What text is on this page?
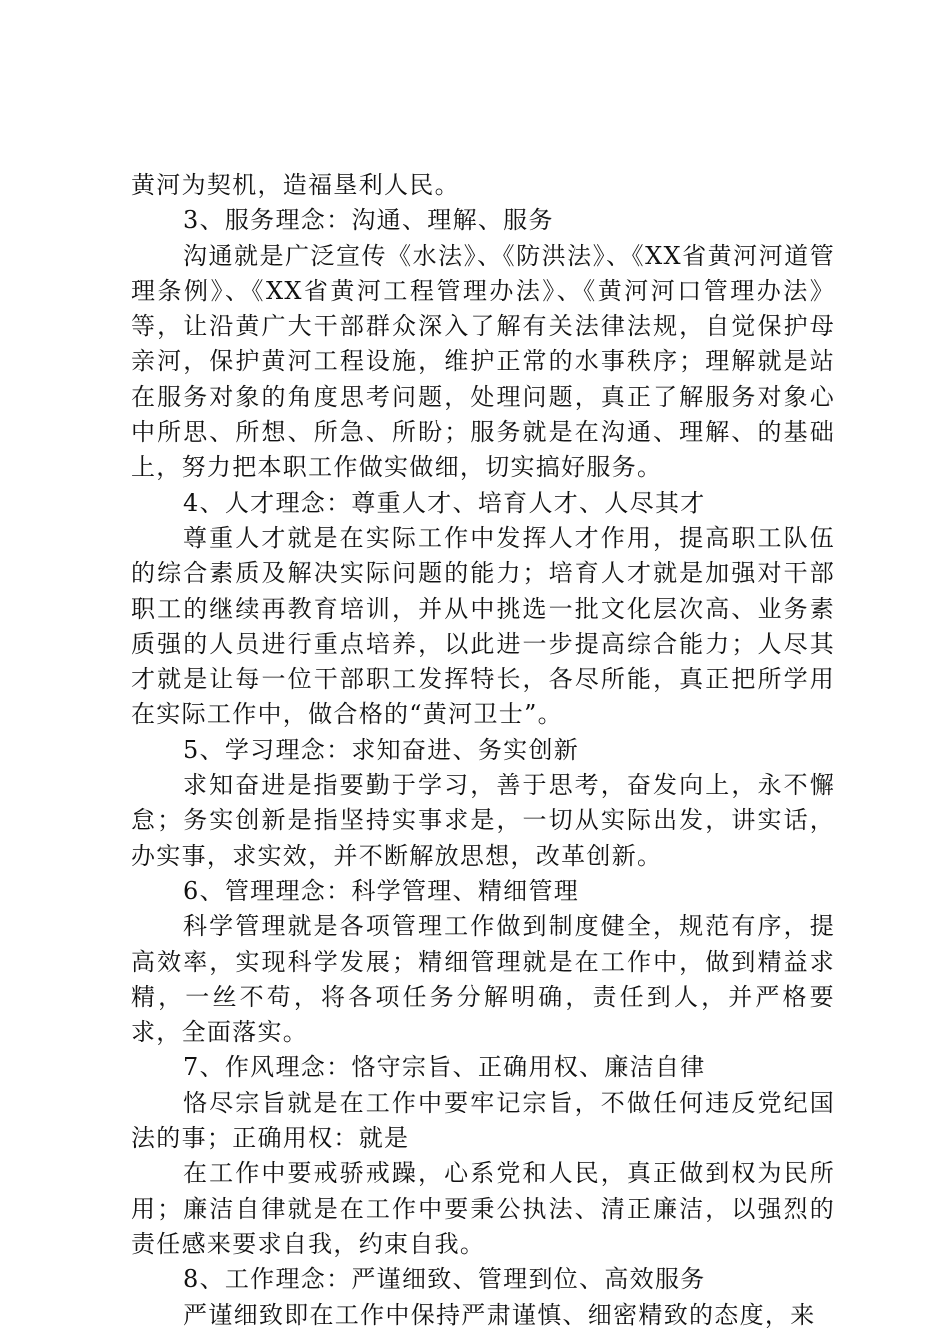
黄河为契机，造福垦利人民。

3、服务理念：沟通、理解、服务

沟通就是广泛宣传《水法》、《防洪法》、《XX省黄河河道管理条例》、《XX省黄河工程管理办法》、《黄河河口管理办法》等，让沿黄广大干部群众深入了解有关法律法规，自觉保护母亲河，保护黄河工程设施，维护正常的水事秩序；理解就是站在服务对象的角度思考问题，处理问题，真正了解服务对象心中所思、所想、所急、所盼；服务就是在沟通、理解、的基础上，努力把本职工作做实做细，切实搞好服务。

4、人才理念：尊重人才、培育人才、人尽其才

尊重人才就是在实际工作中发挥人才作用，提高职工队伍的综合素质及解决实际问题的能力；培育人才就是加强对干部职工的继续再教育培训，并从中挑选一批文化层次高、业务素质强的人员进行重点培养，以此进一步提高综合能力；人尽其才就是让每一位干部职工发挥特长，各尽所能，真正把所学用在实际工作中，做合格的“黄河卫士”。

5、学习理念：求知奋进、务实创新

求知奋进是指要勤于学习，善于思考，奋发向上，永不懈怠；务实创新是指坚持实事求是，一切从实际出发，讲实话，办实事，求实效，并不断解放思想，改革创新。

6、管理理念：科学管理、精细管理

科学管理就是各项管理工作做到制度健全，规范有序，提高效率，实现科学发展；精细管理就是在工作中，做到精益求精，一丝不苟，将各项任务分解明确，责任到人，并严格要求，全面落实。

7、作风理念：恪守宗旨、正确用权、廉洁自律

恪尽宗旨就是在工作中要牢记宗旨，不做任何违反党纪国法的事；正确用权：就是

在工作中要戒骄戒躁，心系党和人民，真正做到权为民所用；廉洁自律就是在工作中要秉公执法、清正廉洁，以强烈的责任感来要求自我，约束自我。

8、工作理念：严谨细致、管理到位、高效服务

严谨细致即在工作中保持严肃谨慎、细密精致的态度，来
